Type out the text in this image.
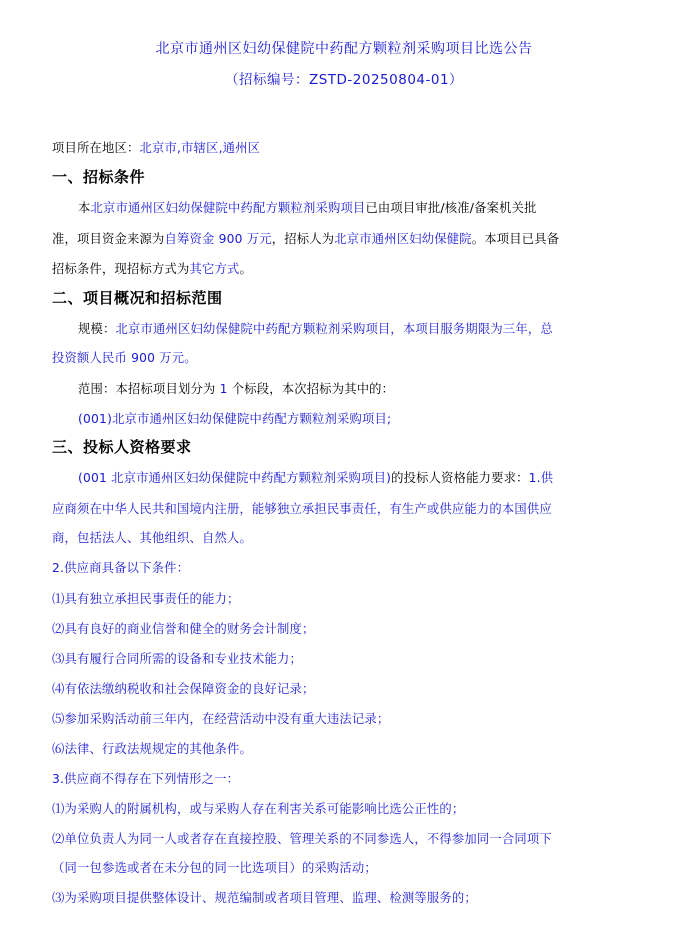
北京市通州区妇幼保健院中药配方颗粒剂采购项目比选公告
（招标编号：ZSTD-20250804-01）
项目所在地区：北京市,市辖区,通州区
一、招标条件
本北京市通州区妇幼保健院中药配方颗粒剂采购项目已由项目审批/核准/备案机关批
准，项目资金来源为自筹资金 900 万元，招标人为北京市通州区妇幼保健院。本项目已具备
招标条件，现招标方式为其它方式。
二、项目概况和招标范围
规模：北京市通州区妇幼保健院中药配方颗粒剂采购项目，本项目服务期限为三年，总
投资额人民币 900 万元。
范围：本招标项目划分为 1 个标段，本次招标为其中的：
(001)北京市通州区妇幼保健院中药配方颗粒剂采购项目;
三、投标人资格要求
(001 北京市通州区妇幼保健院中药配方颗粒剂采购项目)的投标人资格能力要求：1.供
应商须在中华人民共和国境内注册，能够独立承担民事责任，有生产或供应能力的本国供应
商，包括法人、其他组织、自然人。
2.供应商具备以下条件：
⑴具有独立承担民事责任的能力；
⑵具有良好的商业信誉和健全的财务会计制度；
⑶具有履行合同所需的设备和专业技术能力；
⑷有依法缴纳税收和社会保障资金的良好记录；
⑸参加采购活动前三年内，在经营活动中没有重大违法记录；
⑹法律、行政法规规定的其他条件。
3.供应商不得存在下列情形之一：
⑴为采购人的附属机构，或与采购人存在利害关系可能影响比选公正性的；
⑵单位负责人为同一人或者存在直接控股、管理关系的不同参选人，不得参加同一合同项下
（同一包参选或者在未分包的同一比选项目）的采购活动；
⑶为采购项目提供整体设计、规范编制或者项目管理、监理、检测等服务的；
